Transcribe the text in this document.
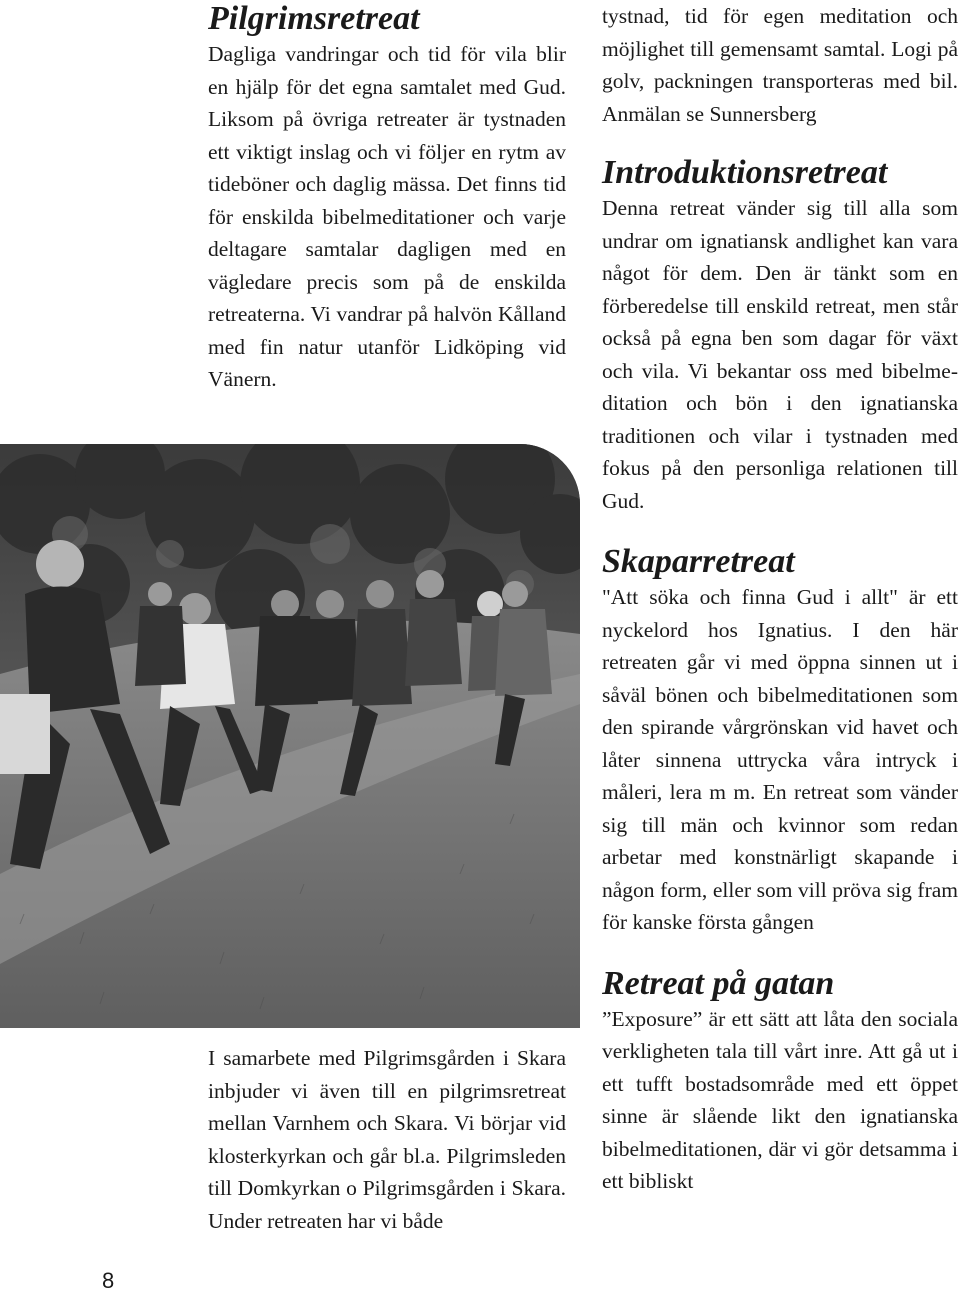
Pilgrimsretreat

Dagliga vandringar och tid för vila blir en hjälp för det egna samtalet med Gud. Liksom på övriga retreater är tystnaden ett viktigt inslag och vi följer en rytm av tideböner och daglig mässa. Det finns tid för enskilda bibelmeditationer och varje deltagare samtalar dagligen med en vägledare precis som på de enskilda retreaterna. Vi vandrar på halvön Kålland med fin natur utanför Lidköping vid Vänern.

I samarbete med Pilgrimsgården i Skara inbjuder vi även till en pilgrimsretreat mellan Varnhem och Skara. Vi börjar vid klosterkyrkan och går bl.a. Pilgrimsleden till Domkyrkan o Pilgrimsgården i Skara. Under retreaten har vi både

tystnad, tid för egen meditation och möjlighet till gemensamt samtal. Logi på golv, packningen transporteras med bil. Anmälan se Sunnersberg

Introduktionsretreat

Denna retreat vänder sig till alla som undrar om ignatiansk andlighet kan vara något för dem. Den är tänkt som en förberedelse till enskild retreat, men står också på egna ben som dagar för växt och vila. Vi bekantar oss med bibelmeditation och bön i den ignatianska traditionen och vilar i tystnaden med fokus på den personliga relationen till Gud.

Skaparretreat

"Att söka och finna Gud i allt" är ett nyckelord hos Ignatius. I den här retreaten går vi med öppna sinnen ut i såväl bönen och bibelmeditationen som den spirande vårgrönskan vid havet och låter sinnena uttrycka våra intryck i måleri, lera m m. En retreat som vänder sig till män och kvinnor som redan arbetar med konstnärligt skapande i någon form, eller som vill pröva sig fram för kanske första gången

Retreat på gatan

”Exposure” är ett sätt att låta den sociala verkligheten tala till vårt inre. Att gå ut i ett tufft bostadsområde med ett öppet sinne är slående likt den ignatianska bibelmeditationen, där vi gör detsamma i ett bibliskt

8
